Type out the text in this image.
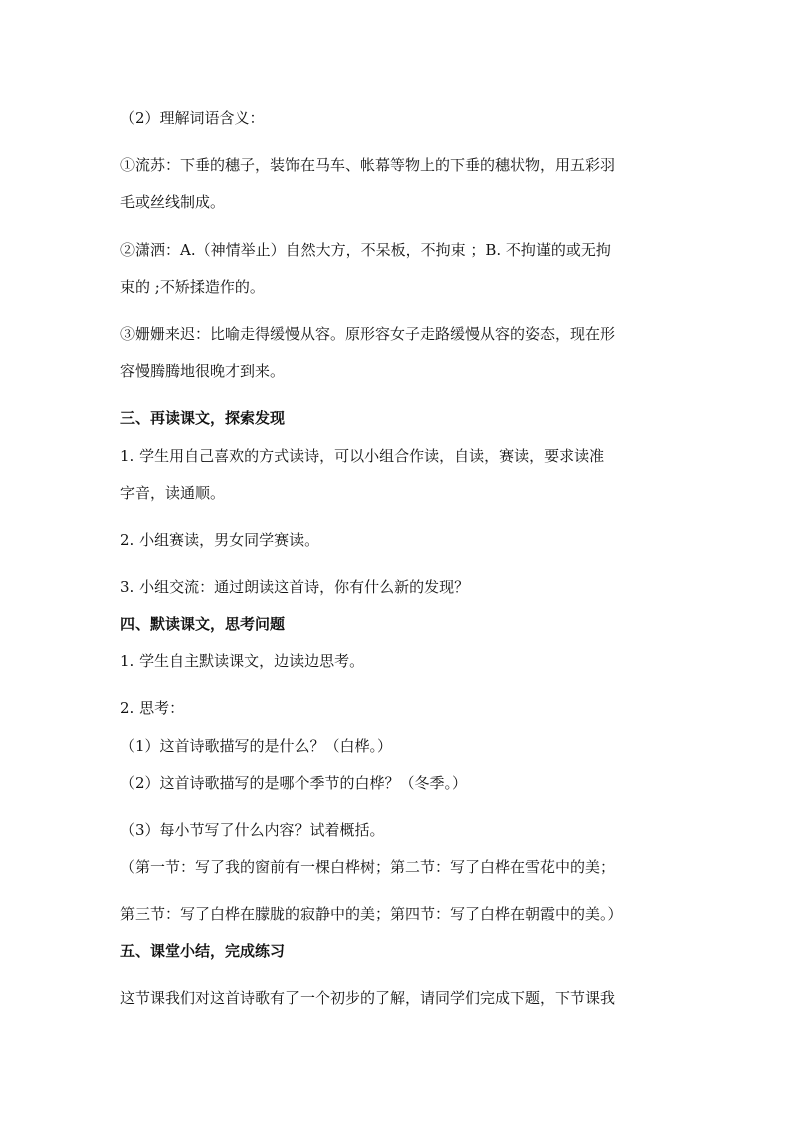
（2）理解词语含义：
①流苏：下垂的穗子，装饰在马车、帐幕等物上的下垂的穗状物，用五彩羽
毛或丝线制成。
②潇洒：A.（神情举止）自然大方，不呆板，不拘束 ；B. 不拘谨的或无拘
束的 ;不矫揉造作的。
③姗姗来迟：比喻走得缓慢从容。原形容女子走路缓慢从容的姿态，现在形
容慢腾腾地很晚才到来。
三、再读课文，探索发现
1. 学生用自己喜欢的方式读诗，可以小组合作读，自读，赛读，要求读准
字音，读通顺。
2. 小组赛读，男女同学赛读。
3. 小组交流：通过朗读这首诗，你有什么新的发现？
四、默读课文，思考问题
1. 学生自主默读课文，边读边思考。
2. 思考：
（1）这首诗歌描写的是什么？（白桦。）
（2）这首诗歌描写的是哪个季节的白桦？（冬季。）
（3）每小节写了什么内容？试着概括。
（第一节：写了我的窗前有一棵白桦树；第二节：写了白桦在雪花中的美；
第三节：写了白桦在朦胧的寂静中的美；第四节：写了白桦在朝霞中的美。）
五、课堂小结，完成练习
这节课我们对这首诗歌有了一个初步的了解，请同学们完成下题，下节课我
